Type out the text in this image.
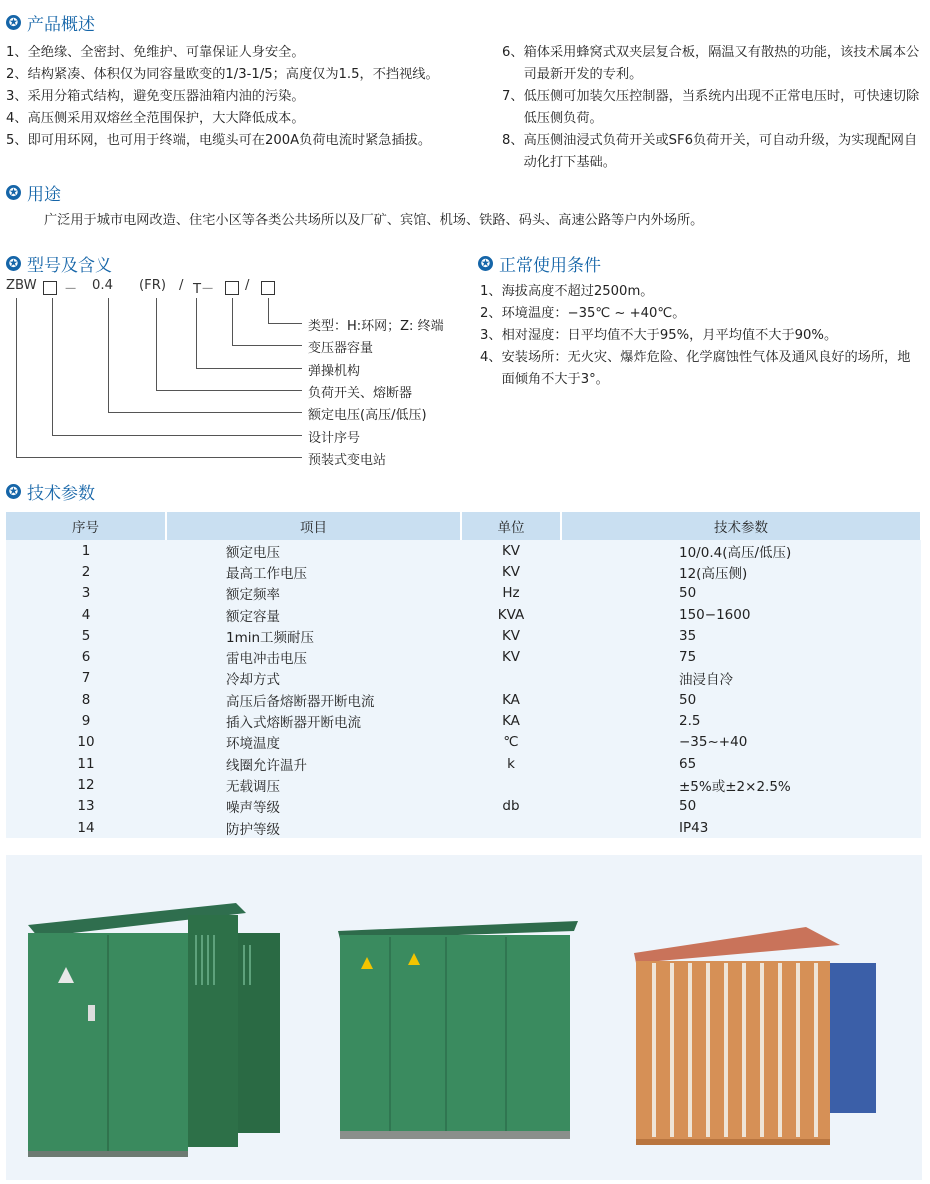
✪ 产品概述
✪ 用途
✪ 型号及含义	✪ 正常使用条件
✪ 技术参数
1、 全绝缘、全密封、免维护、可靠保证人身安全。
2、 结构紧凑、体积仅为同容量欧变的1/3-1/5；高度仅为1.5，不挡视线。
3、 采用分箱式结构，避免变压器油箱内油的污染。
4、 高压侧采用双熔丝全范围保护，大大降低成本。
5、 即可用环网，也可用于终端，电缆头可在200A负荷电流时紧急插拔。
6、 箱体采用蜂窝式双夹层复合板，隔温又有散热的功能，该技术属本公司最新开发的专利。
7、 低压侧可加装欠压控制器，当系统内出现不正常电压时，可快速切除低压侧负荷。
8、 高压侧油浸式负荷开关或SF6负荷开关，可自动升级，为实现配网自动化打下基础。
广泛用于城市电网改造、住宅小区等各类公共场所以及厂矿、宾馆、机场、铁路、码头、高速公路等户内外场所。
ZBW － 0.4 (FR) / T－ /
类型：H:环网；Z: 终端
变压器容量
弹操机构
负荷开关、熔断器
额定电压(高压/低压)
设计序号
预装式变电站
1、 海拔高度不超过2500m。
2、 环境温度：−35℃ ~ +40℃。
3、 相对湿度：日平均值不大于95%，月平均值不大于90%。
4、 安装场所：无火灾、爆炸危险、化学腐蚀性气体及通风良好的场所，地面倾角不大于3°。
序号	项目	单位	技术参数
1	额定电压	KV	10/0.4(高压/低压)
2	最高工作电压	KV	12(高压侧)
3	额定频率	Hz	50
4	额定容量	KVA	150−1600
5	1min工频耐压	KV	35
6	雷电冲击电压	KV	75
7	冷却方式		油浸自冷
8	高压后备熔断器开断电流	KA	50
9	插入式熔断器开断电流	KA	2.5
10	环境温度	℃	−35~+40
11	线圈允许温升	k	65
12	无载调压		±5%或±2×2.5%
13	噪声等级	db	50
14	防护等级		IP43
